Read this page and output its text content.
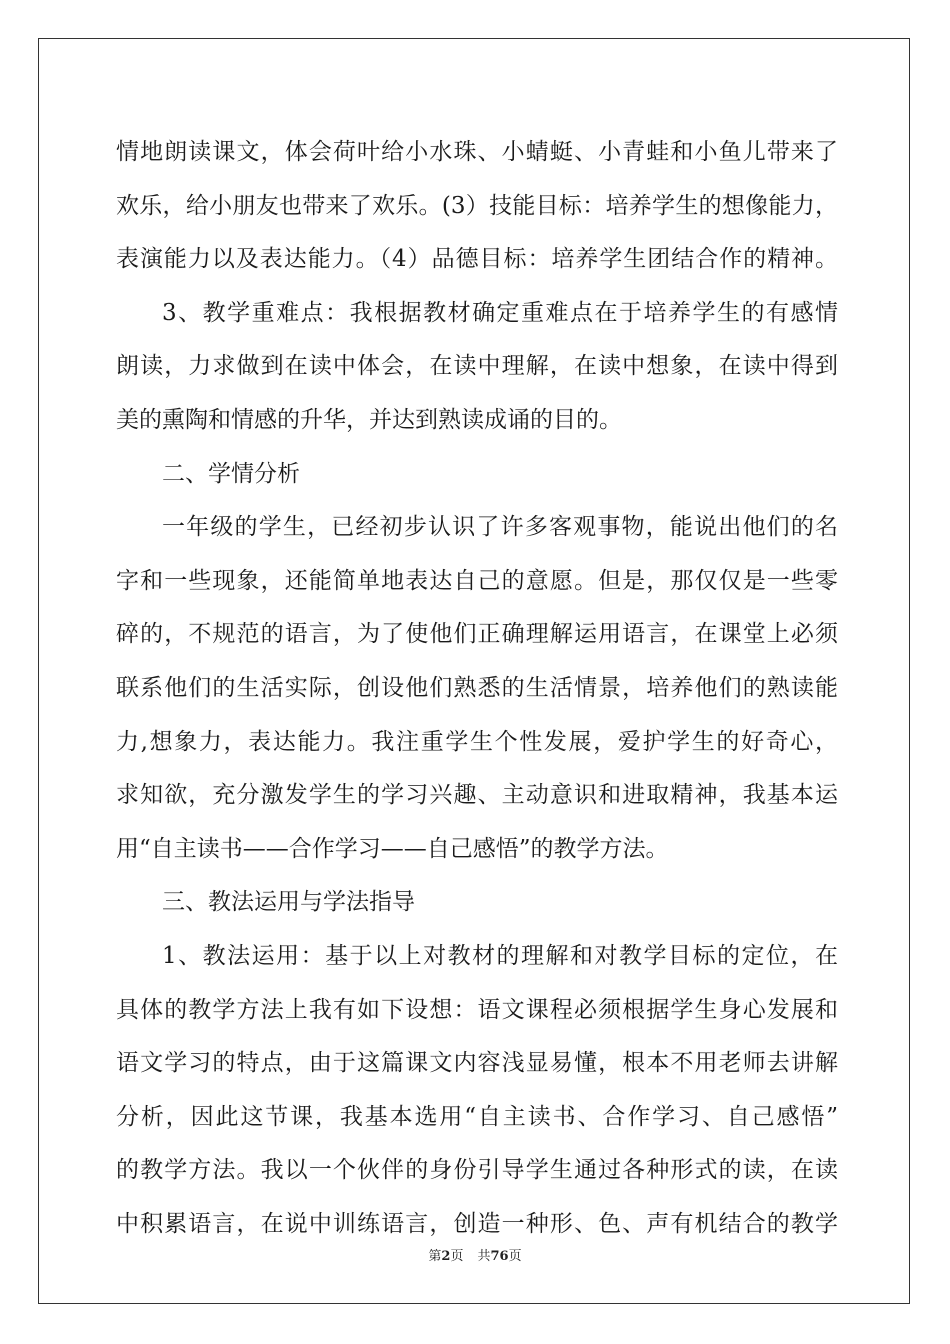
情地朗读课文，体会荷叶给小水珠、小蜻蜓、小青蛙和小鱼儿带来了
欢乐，给小朋友也带来了欢乐。(3）技能目标：培养学生的想像能力，
表演能力以及表达能力。（4）品德目标：培养学生团结合作的精神。
3、教学重难点：我根据教材确定重难点在于培养学生的有感情
朗读，力求做到在读中体会，在读中理解，在读中想象，在读中得到
美的熏陶和情感的升华，并达到熟读成诵的目的。
二、学情分析
一年级的学生，已经初步认识了许多客观事物，能说出他们的名
字和一些现象，还能简单地表达自己的意愿。但是，那仅仅是一些零
碎的，不规范的语言，为了使他们正确理解运用语言，在课堂上必须
联系他们的生活实际，创设他们熟悉的生活情景，培养他们的熟读能
力,想象力，表达能力。我注重学生个性发展，爱护学生的好奇心，
求知欲，充分激发学生的学习兴趣、主动意识和进取精神，我基本运
用“自主读书——合作学习——自己感悟”的教学方法。
三、教法运用与学法指导
1、教法运用：基于以上对教材的理解和对教学目标的定位，在
具体的教学方法上我有如下设想：语文课程必须根据学生身心发展和
语文学习的特点，由于这篇课文内容浅显易懂，根本不用老师去讲解
分析，因此这节课，我基本选用“自主读书、合作学习、自己感悟”
的教学方法。我以一个伙伴的身份引导学生通过各种形式的读，在读
中积累语言，在说中训练语言，创造一种形、色、声有机结合的教学
第2页 共76页
